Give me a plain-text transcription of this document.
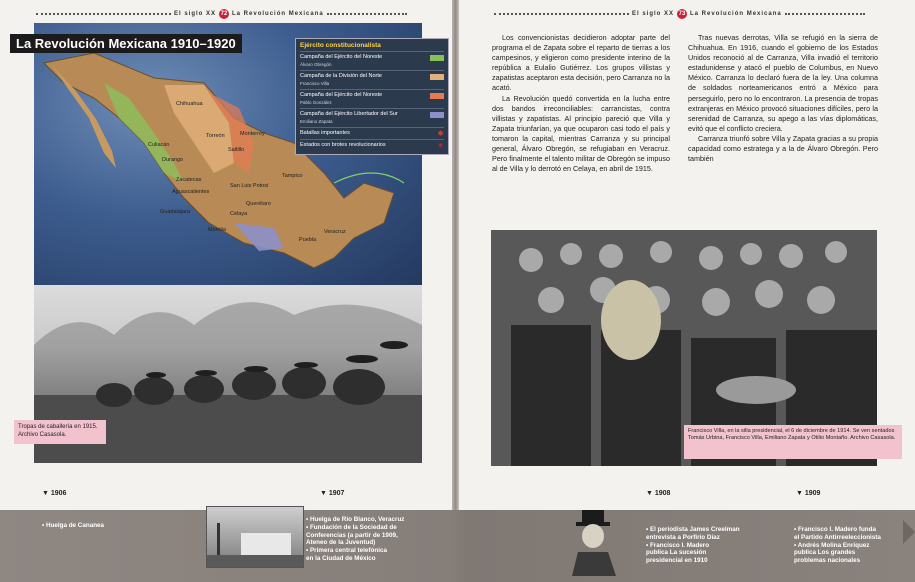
El siglo XX 72 La Revolución Mexicana	El siglo XX 73 La Revolución Mexicana
Chihuahua
Culiacán
Torreón
Durango
Zacatecas
Aguascalientes
Guadalajara
San Luis Potosí
Querétaro
Celaya
Puebla
Veracruz
Tampico
Monterrey
Saltillo
Morelia
La Revolución Mexicana 1910–1920	Ejército constitucionalista
Campaña del Ejército del Noreste
Álvaro Obregón
Campaña de la División del Norte
Francisco Villa
Campaña del Ejército del Noreste
Pablo González
Campaña del Ejército Libertador del Sur
Emiliano Zapata
Batallas importantes	✸
Estados con brotes revolucionarios	✷
Tropas de caballería en 1915. Archivo Casasola.

Los convencionistas decidieron adoptar parte del programa el de Zapata sobre el reparto de tierras a los campesinos, y eligieron como presidente interino de la república a Eulalio Gutiérrez. Los grupos villistas y zapatistas aceptaron esta decisión, pero Carranza no la acató.

La Revolución quedó convertida en la lucha entre dos bandos irreconciliables: carrancistas, contra villistas y zapatistas. Al principio pareció que Villa y Zapata triunfarían, ya que ocuparon casi todo el país y tomaron la capital, mientras Carranza y su principal general, Álvaro Obregón, se refugiaban en Veracruz. Pero finalmente el talento militar de Obregón se impuso al de Villa y lo derrotó en Celaya, en abril de 1915.

Tras nuevas derrotas, Villa se refugió en la sierra de Chihuahua. En 1916, cuando el gobierno de los Estados Unidos reconoció al de Carranza, Villa invadió el territorio estadunidense y atacó el pueblo de Columbus, en Nuevo México. Carranza lo declaró fuera de la ley. Una columna de soldados norteamericanos entró a México para perseguirlo, pero no lo encontraron. La presencia de tropas extranjeras en México provocó situaciones difíciles, pero la serenidad de Carranza, su apego a las vías diplomáticas, evitó que el conflicto creciera.

Carranza triunfó sobre Villa y Zapata gracias a su propia capacidad como estratega y a la de Álvaro Obregón. Pero también

Francisco Villa, en la silla presidencial, el 6 de diciembre de 1914. Se ven sentados Tomás Urbina, Francisco Villa, Emiliano Zapata y Otilio Montaño. Archivo Casasola.
▼ 1906	▼ 1907	▼ 1908	▼ 1909
• Huelga de Cananea
• Huelga de Río Blanco, Veracruz
• Fundación de la Sociedad de
Conferencias (a partir de 1909,
Ateneo de la Juventud)
• Primera central telefónica
en la Ciudad de México
• El periodista James Creelman
entrevista a Porfirio Díaz
• Francisco I. Madero
publica La sucesión
presidencial en 1910
• Francisco I. Madero funda
el Partido Antirreeleccionista
• Andrés Molina Enríquez
publica Los grandes
problemas nacionales
